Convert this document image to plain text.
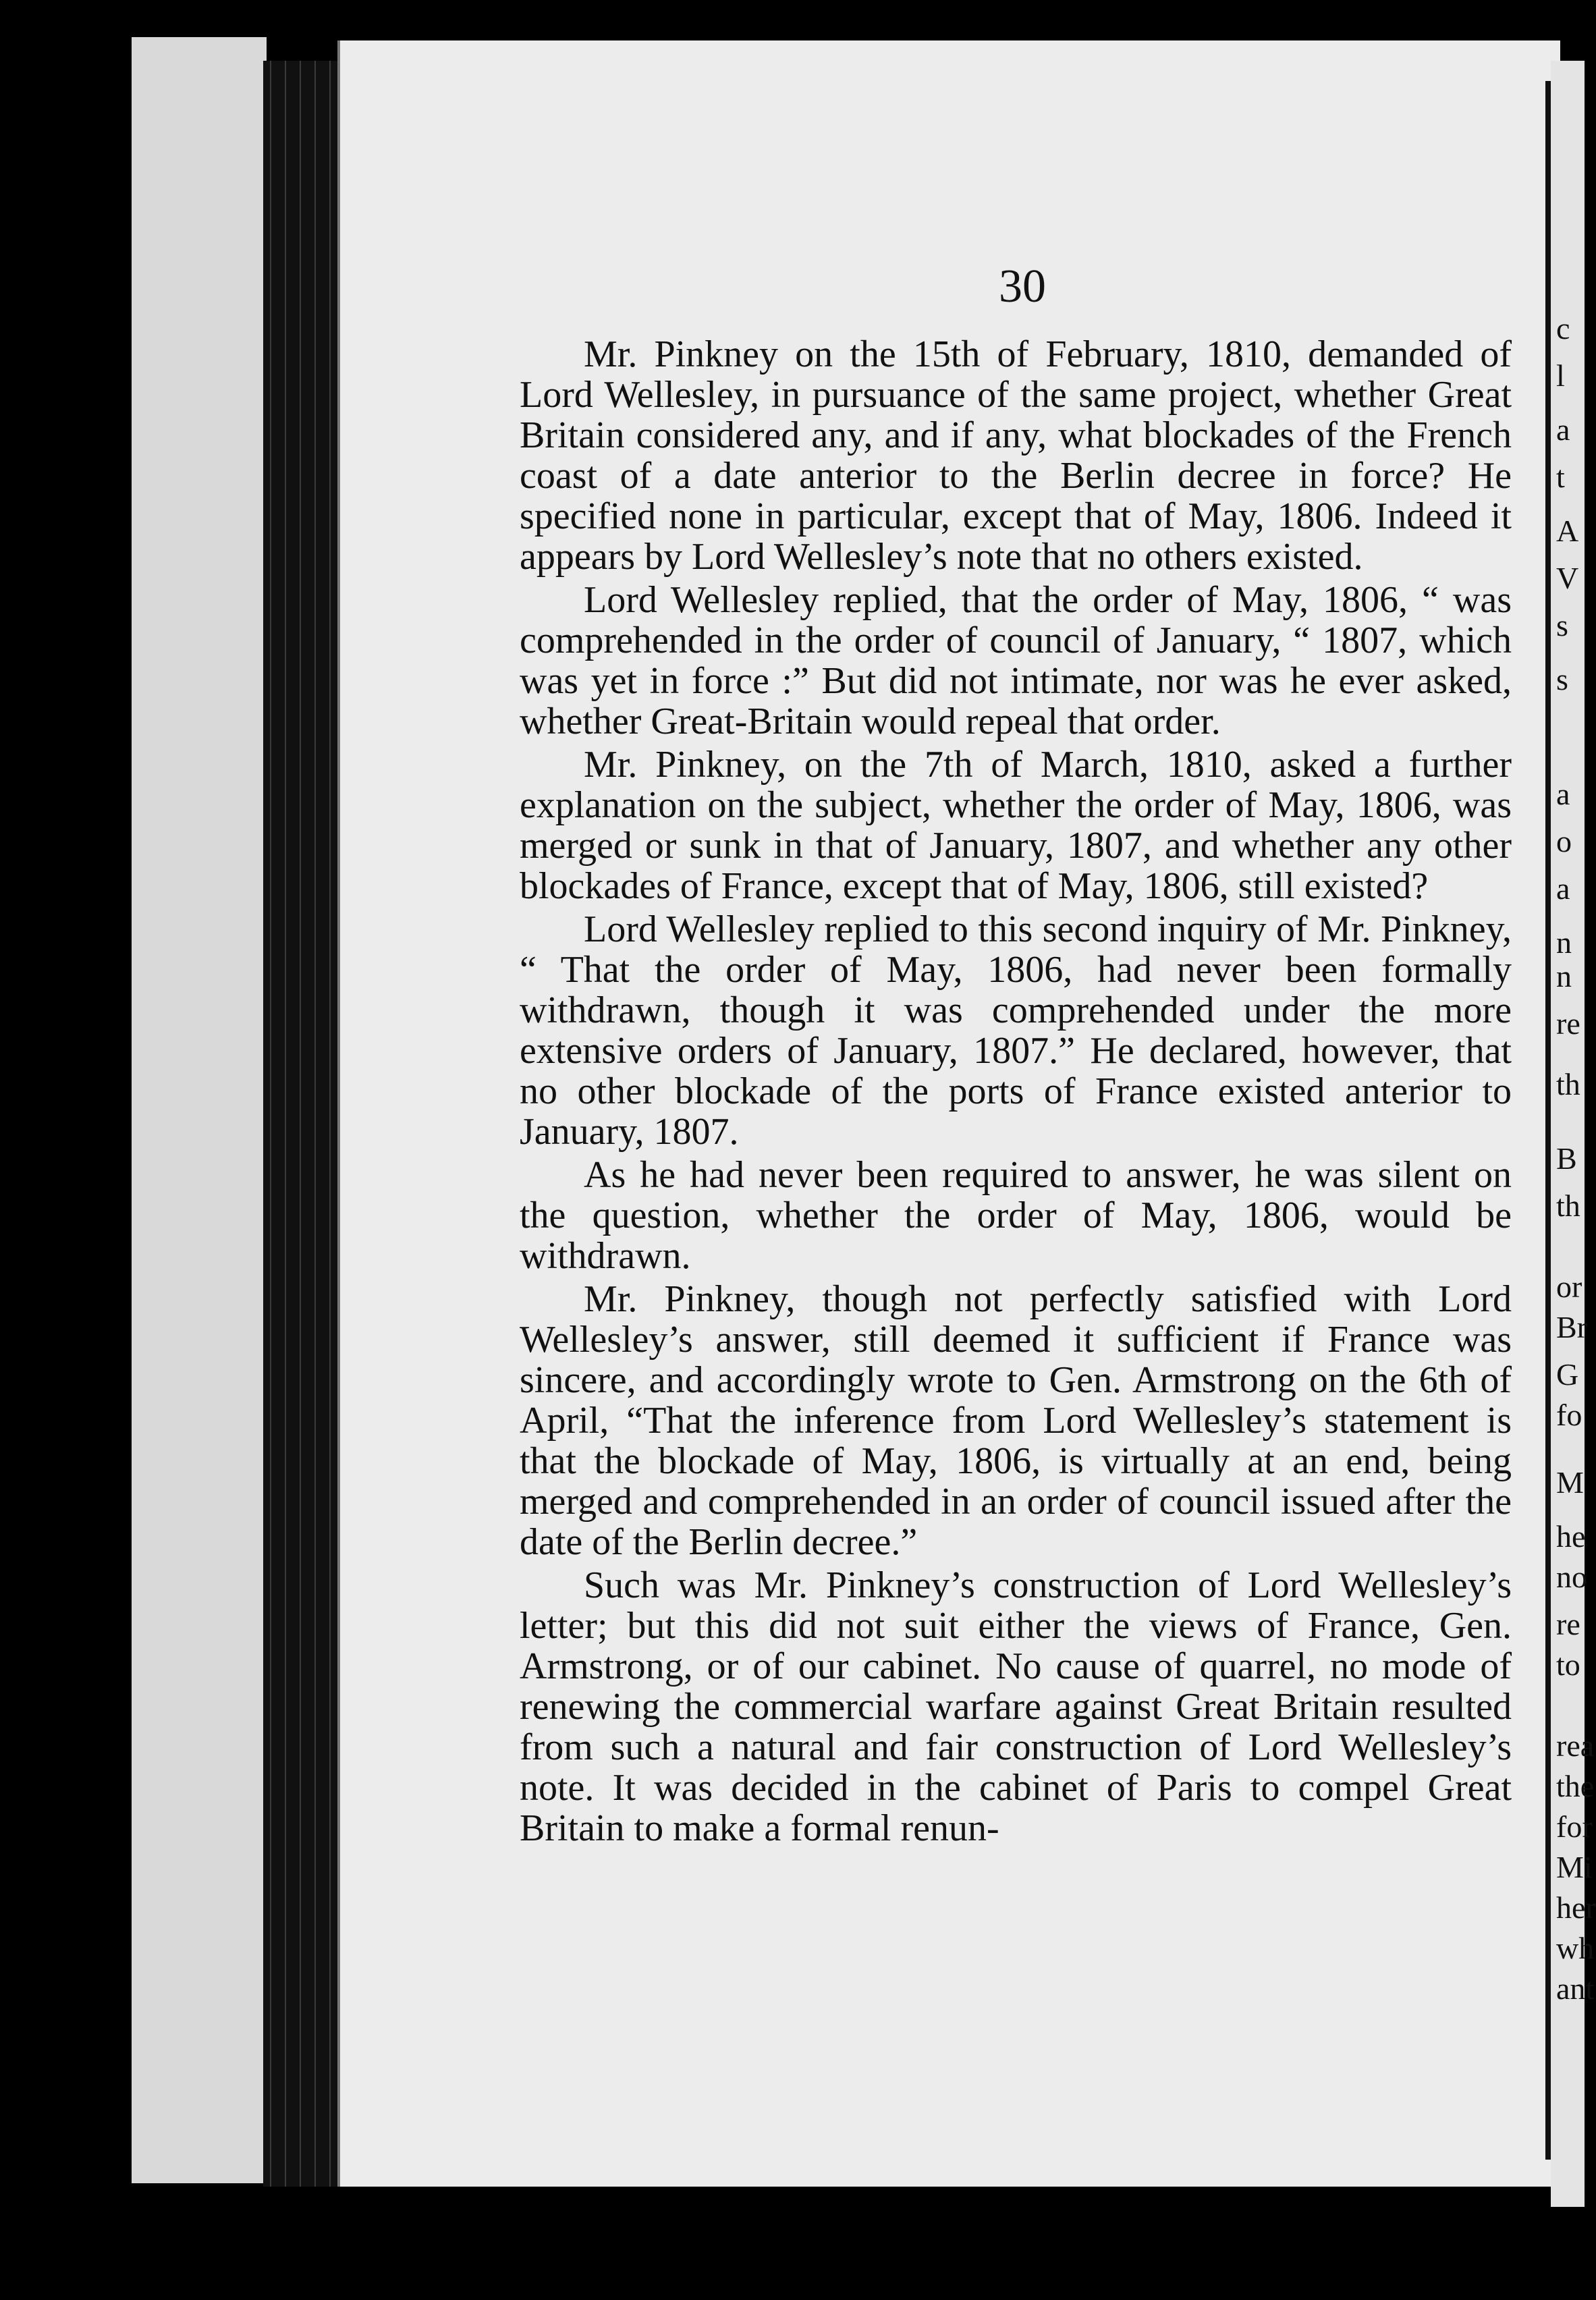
30

Mr. Pinkney on the 15th of February, 1810, demanded of Lord Wellesley, in pursuance of the same project, whether Great Britain considered any, and if any, what blockades of the French coast of a date anterior to the Berlin decree in force? He specified none in particular, except that of May, 1806. Indeed it appears by Lord Wellesley’s note that no others existed.

Lord Wellesley replied, that the order of May, 1806, “ was comprehended in the order of council of January, “ 1807, which was yet in force :” But did not intimate, nor was he ever asked, whether Great-Britain would repeal that order.

Mr. Pinkney, on the 7th of March, 1810, asked a further explanation on the subject, whether the order of May, 1806, was merged or sunk in that of January, 1807, and whether any other blockades of France, except that of May, 1806, still existed?

Lord Wellesley replied to this second inquiry of Mr. Pinkney, “ That the order of May, 1806, had never been formally withdrawn, though it was comprehended under the more extensive orders of January, 1807.” He declared, however, that no other blockade of the ports of France existed anterior to January, 1807.

As he had never been required to answer, he was silent on the question, whether the order of May, 1806, would be withdrawn.

Mr. Pinkney, though not perfectly satisfied with Lord Wellesley’s answer, still deemed it sufficient if France was sincere, and accordingly wrote to Gen. Armstrong on the 6th of April, “That the inference from Lord Wellesley’s statement is that the blockade of May, 1806, is virtually at an end, being merged and comprehended in an order of council issued after the date of the Berlin decree.”

Such was Mr. Pinkney’s construction of Lord Wellesley’s letter; but this did not suit either the views of France, Gen. Armstrong, or of our cabinet. No cause of quarrel, no mode of renewing the commercial warfare against Great Britain resulted from such a natural and fair construction of Lord Wellesley’s note. It was decided in the cabinet of Paris to compel Great Britain to make a formal renun-

c
l
a
t
A
V
s
s
a
o
a
n
n
re
th
B
th
or
Br
G
fo
M
he
no
re
to
rea
the
for
Mi
her
wh
ant
